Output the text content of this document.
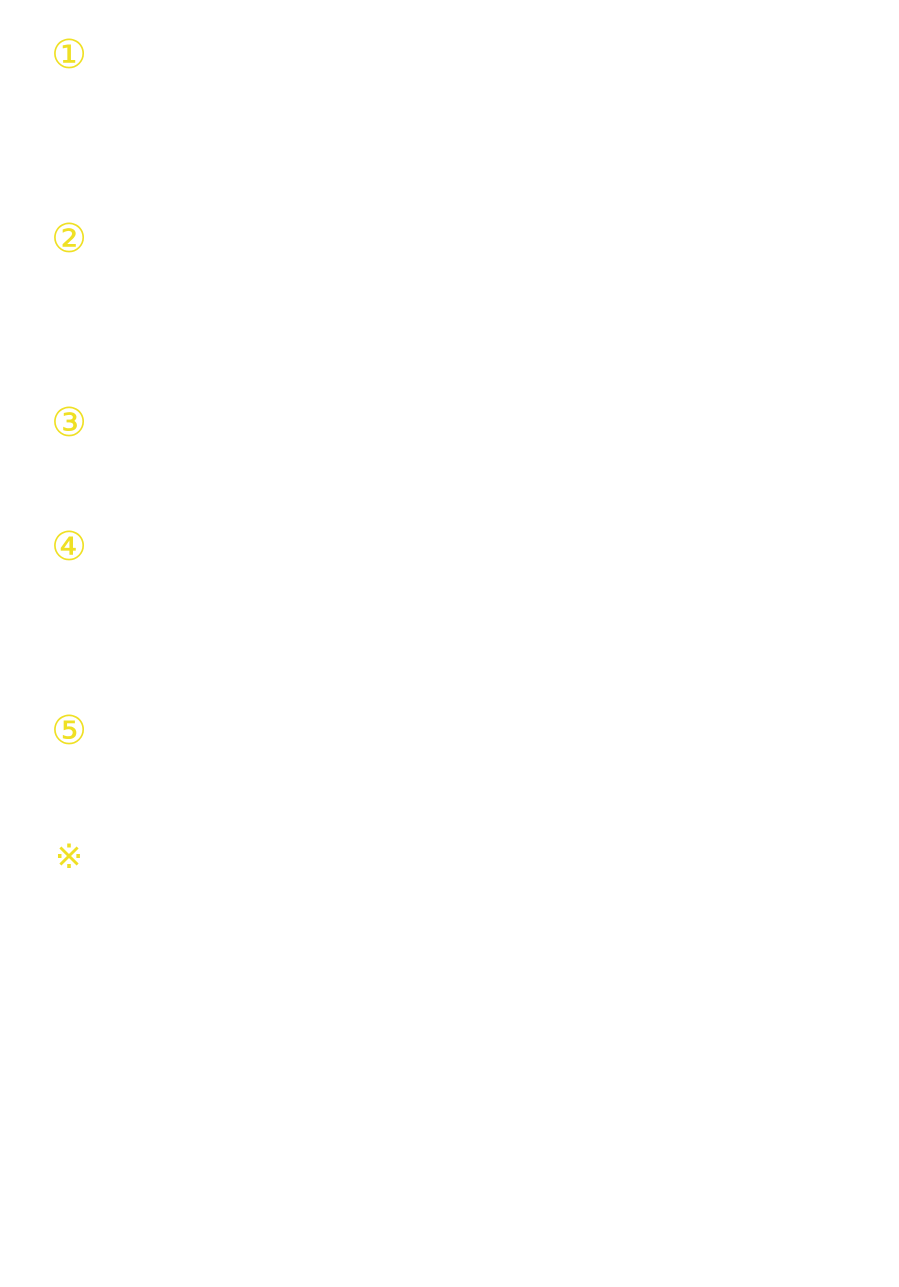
①
②
③
④
⑤
※
